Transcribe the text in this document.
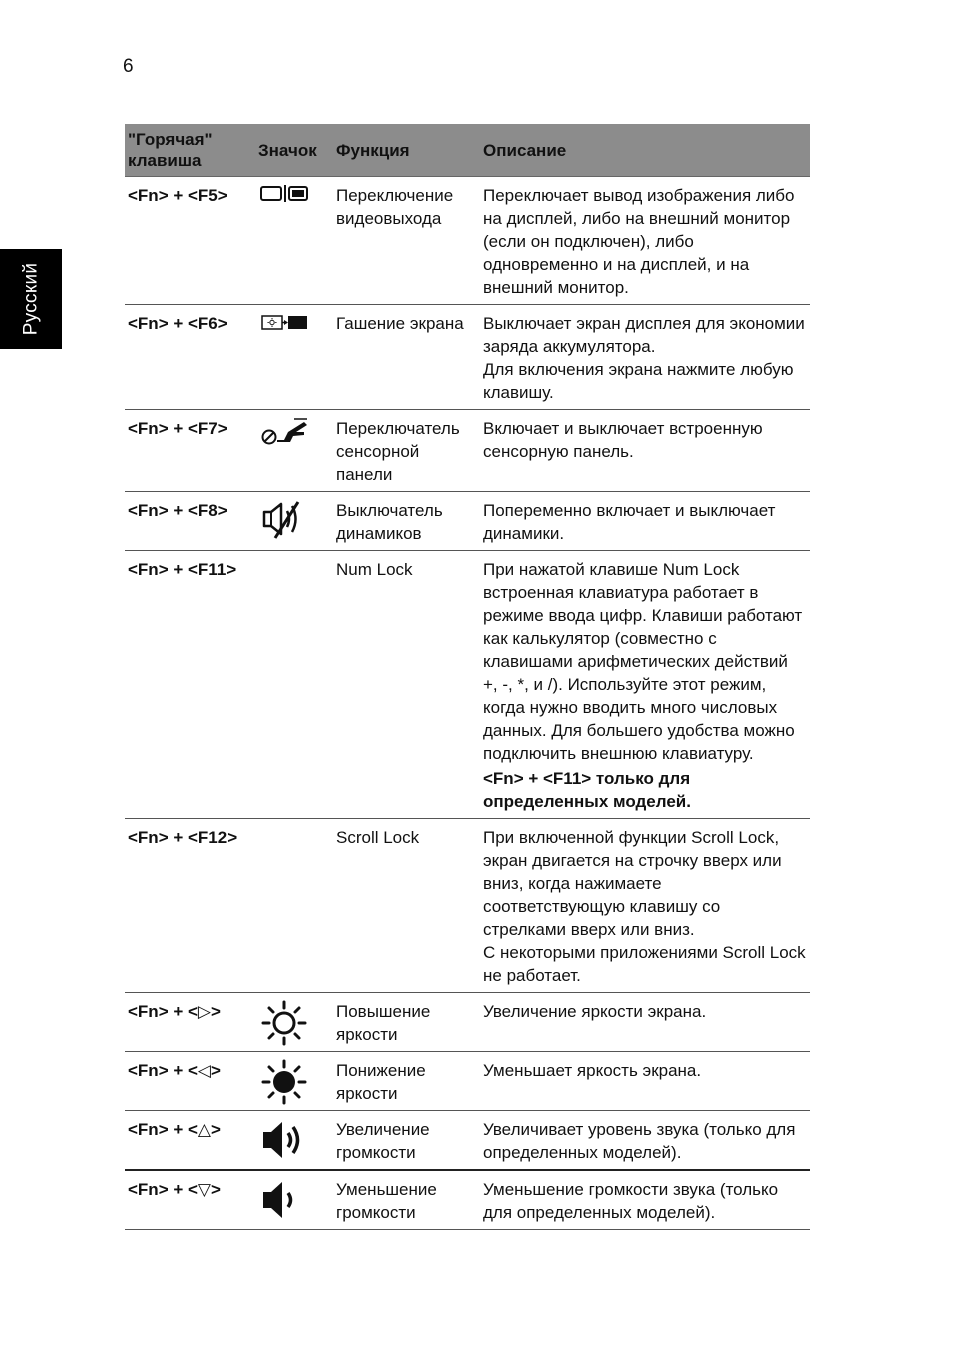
6
Русский
"Горячая" клавиша	Значок	Функция	Описание
<Fn> + <F5>		Переключение видеовыхода	Переключает вывод изображения либо на дисплей, либо на внешний монитор (если он подключен), либо одновременно и на дисплей, и на внешний монитор.

<Fn> + <F6>		Гашение экрана	Выключает экран дисплея для экономии заряда аккумулятора.

Для включения экрана нажмите любую клавишу.

<Fn> + <F7>		Переключатель сенсорной панели	Включает и выключает встроенную сенсорную панель.

<Fn> + <F8>		Выключатель динамиков	Попеременно включает и выключает динамики.

<Fn> + <F11>		Num Lock	При нажатой клавише Num Lock встроенная клавиатура работает в режиме ввода цифр. Клавиши работают как калькулятор (совместно с клавишами арифметических действий +, -, *, и /). Используйте этот режим, когда нужно вводить много числовых данных. Для большего удобства можно подключить внешнюю клавиатуру.

<Fn> + <F11> только для определенных моделей.

<Fn> + <F12>		Scroll Lock	При включенной функции Scroll Lock, экран двигается на строчку вверх или вниз, когда нажимаете соответствующую клавишу со стрелками вверх или вниз.

С некоторыми приложениями Scroll Lock не работает.

<Fn> + <▷>		Повышение яркости	Увеличение яркости экрана.

<Fn> + <◁>		Понижение яркости	Уменьшает яркость экрана.

<Fn> + <△>		Увеличение громкости	Увеличивает уровень звука (только для определенных моделей).

<Fn> + <▽>		Уменьшение громкости	Уменьшение громкости звука (только для определенных моделей).
